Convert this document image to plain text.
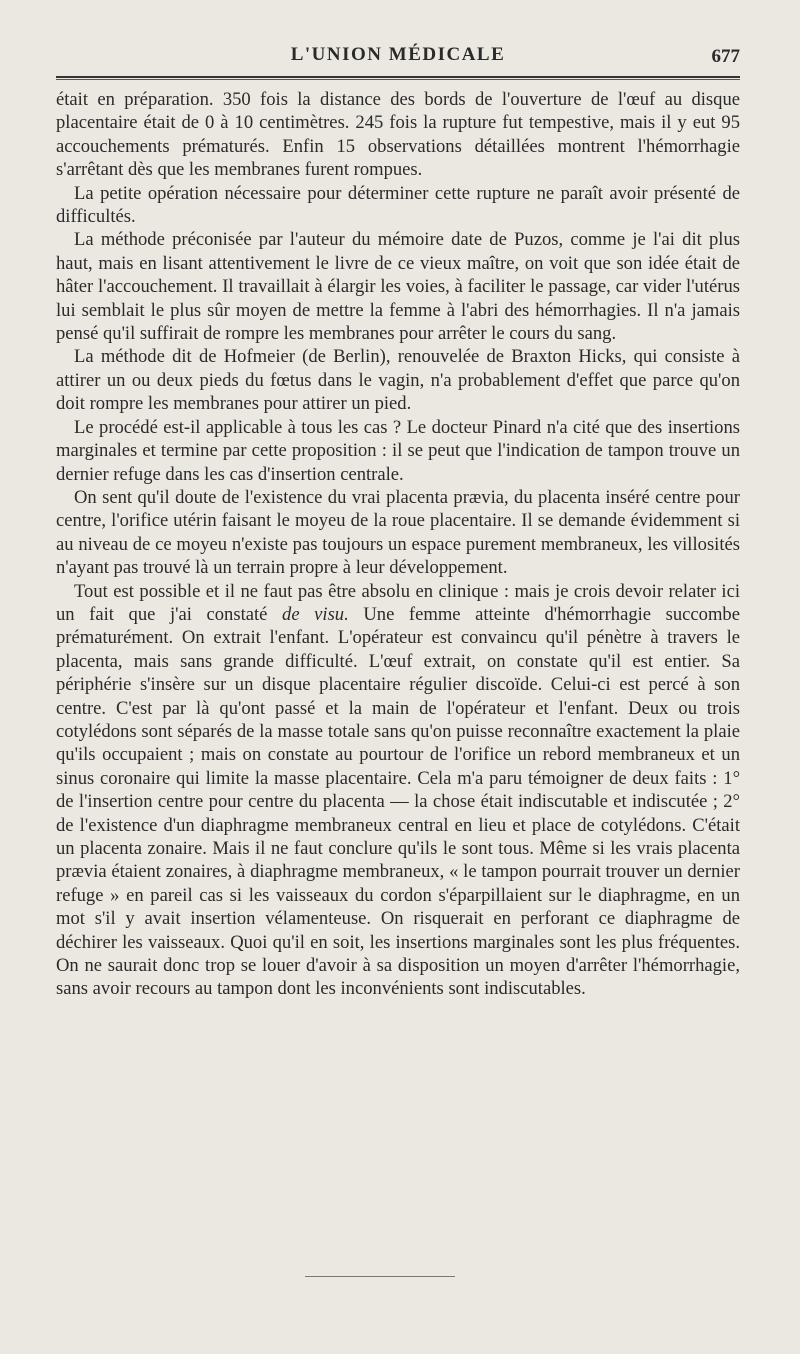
L'UNION MÉDICALE	677

était en préparation. 350 fois la distance des bords de l'ouverture de l'œuf au disque placentaire était de 0 à 10 centimètres. 245 fois la rupture fut tempestive, mais il y eut 95 accouchements prématurés. Enfin 15 observations détaillées montrent l'hémorrhagie s'arrêtant dès que les membranes furent rompues.

La petite opération nécessaire pour déterminer cette rupture ne paraît avoir présenté de difficultés.

La méthode préconisée par l'auteur du mémoire date de Puzos, comme je l'ai dit plus haut, mais en lisant attentivement le livre de ce vieux maître, on voit que son idée était de hâter l'accouchement. Il travaillait à élargir les voies, à faciliter le passage, car vider l'utérus lui semblait le plus sûr moyen de mettre la femme à l'abri des hémorrhagies. Il n'a jamais pensé qu'il suffirait de rompre les membranes pour arrêter le cours du sang.

La méthode dit de Hofmeier (de Berlin), renouvelée de Braxton Hicks, qui consiste à attirer un ou deux pieds du fœtus dans le vagin, n'a probablement d'effet que parce qu'on doit rompre les membranes pour attirer un pied.

Le procédé est-il applicable à tous les cas ? Le docteur Pinard n'a cité que des insertions marginales et termine par cette proposition : il se peut que l'indication de tampon trouve un dernier refuge dans les cas d'insertion centrale.

On sent qu'il doute de l'existence du vrai placenta prævia, du placenta inséré centre pour centre, l'orifice utérin faisant le moyeu de la roue placentaire. Il se demande évidemment si au niveau de ce moyeu n'existe pas toujours un espace purement membraneux, les villosités n'ayant pas trouvé là un terrain propre à leur développement.

Tout est possible et il ne faut pas être absolu en clinique : mais je crois devoir relater ici un fait que j'ai constaté de visu. Une femme atteinte d'hémorrhagie succombe prématurément. On extrait l'enfant. L'opérateur est convaincu qu'il pénètre à travers le placenta, mais sans grande difficulté. L'œuf extrait, on constate qu'il est entier. Sa périphérie s'insère sur un disque placentaire régulier discoïde. Celui-ci est percé à son centre. C'est par là qu'ont passé et la main de l'opérateur et l'enfant. Deux ou trois cotylédons sont séparés de la masse totale sans qu'on puisse reconnaître exactement la plaie qu'ils occupaient ; mais on constate au pourtour de l'orifice un rebord membraneux et un sinus coronaire qui limite la masse placentaire. Cela m'a paru témoigner de deux faits : 1° de l'insertion centre pour centre du placenta — la chose était indiscutable et indiscutée ; 2° de l'existence d'un diaphragme membraneux central en lieu et place de cotylédons. C'était un placenta zonaire. Mais il ne faut conclure qu'ils le sont tous. Même si les vrais placenta prævia étaient zonaires, à diaphragme membraneux, « le tampon pourrait trouver un dernier refuge » en pareil cas si les vaisseaux du cordon s'éparpillaient sur le diaphragme, en un mot s'il y avait insertion vélamenteuse. On risquerait en perforant ce diaphragme de déchirer les vaisseaux. Quoi qu'il en soit, les insertions marginales sont les plus fréquentes. On ne saurait donc trop se louer d'avoir à sa disposition un moyen d'arrêter l'hémorrhagie, sans avoir recours au tampon dont les inconvénients sont indiscutables.
